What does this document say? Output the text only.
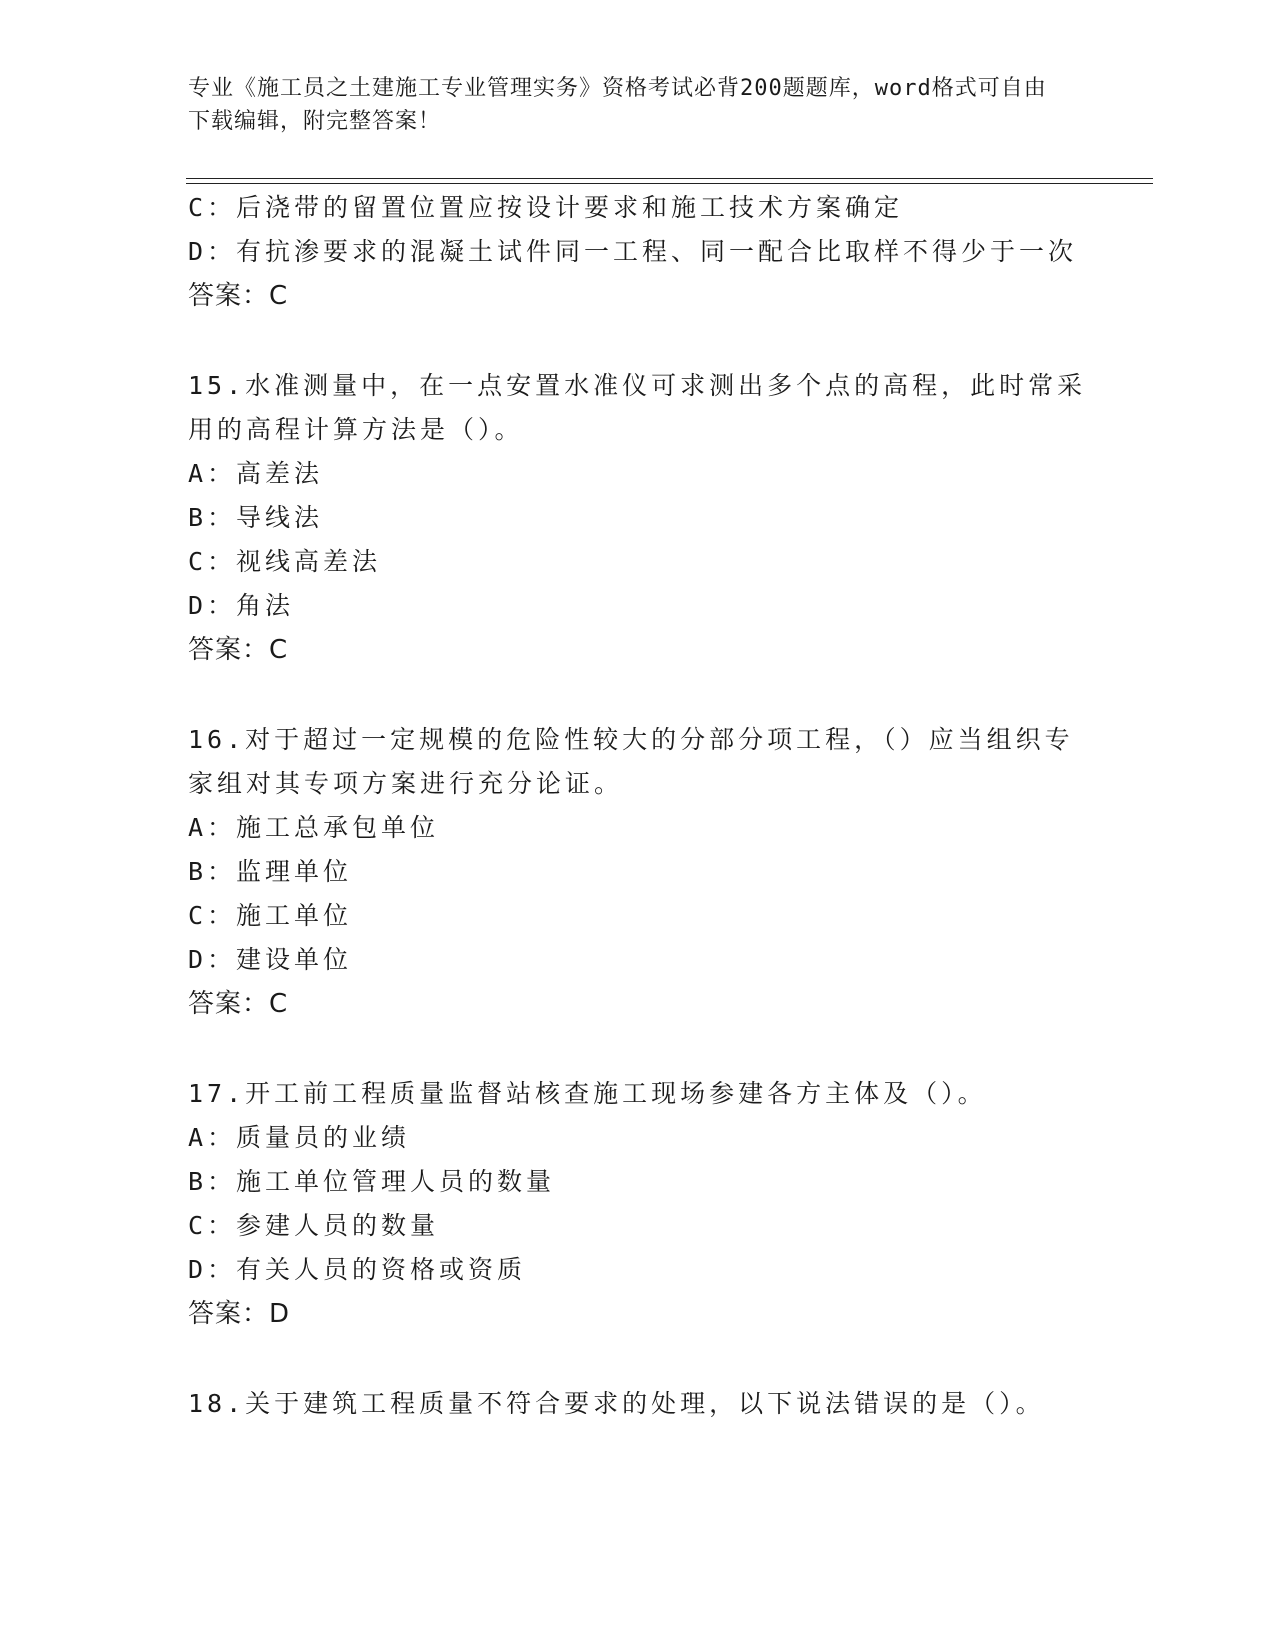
专业《施工员之土建施工专业管理实务》资格考试必背200题题库，word格式可自由下载编辑，附完整答案！
C：后浇带的留置位置应按设计要求和施工技术方案确定
D：有抗渗要求的混凝土试件同一工程、同一配合比取样不得少于一次
答案：C
15.水准测量中，在一点安置水准仪可求测出多个点的高程，此时常采
用的高程计算方法是（）。
A：高差法
B：导线法
C：视线高差法
D：角法
答案：C
16.对于超过一定规模的危险性较大的分部分项工程，（）应当组织专
家组对其专项方案进行充分论证。
A：施工总承包单位
B：监理单位
C：施工单位
D：建设单位
答案：C
17.开工前工程质量监督站核查施工现场参建各方主体及（）。
A：质量员的业绩
B：施工单位管理人员的数量
C：参建人员的数量
D：有关人员的资格或资质
答案：D
18.关于建筑工程质量不符合要求的处理，以下说法错误的是（）。
